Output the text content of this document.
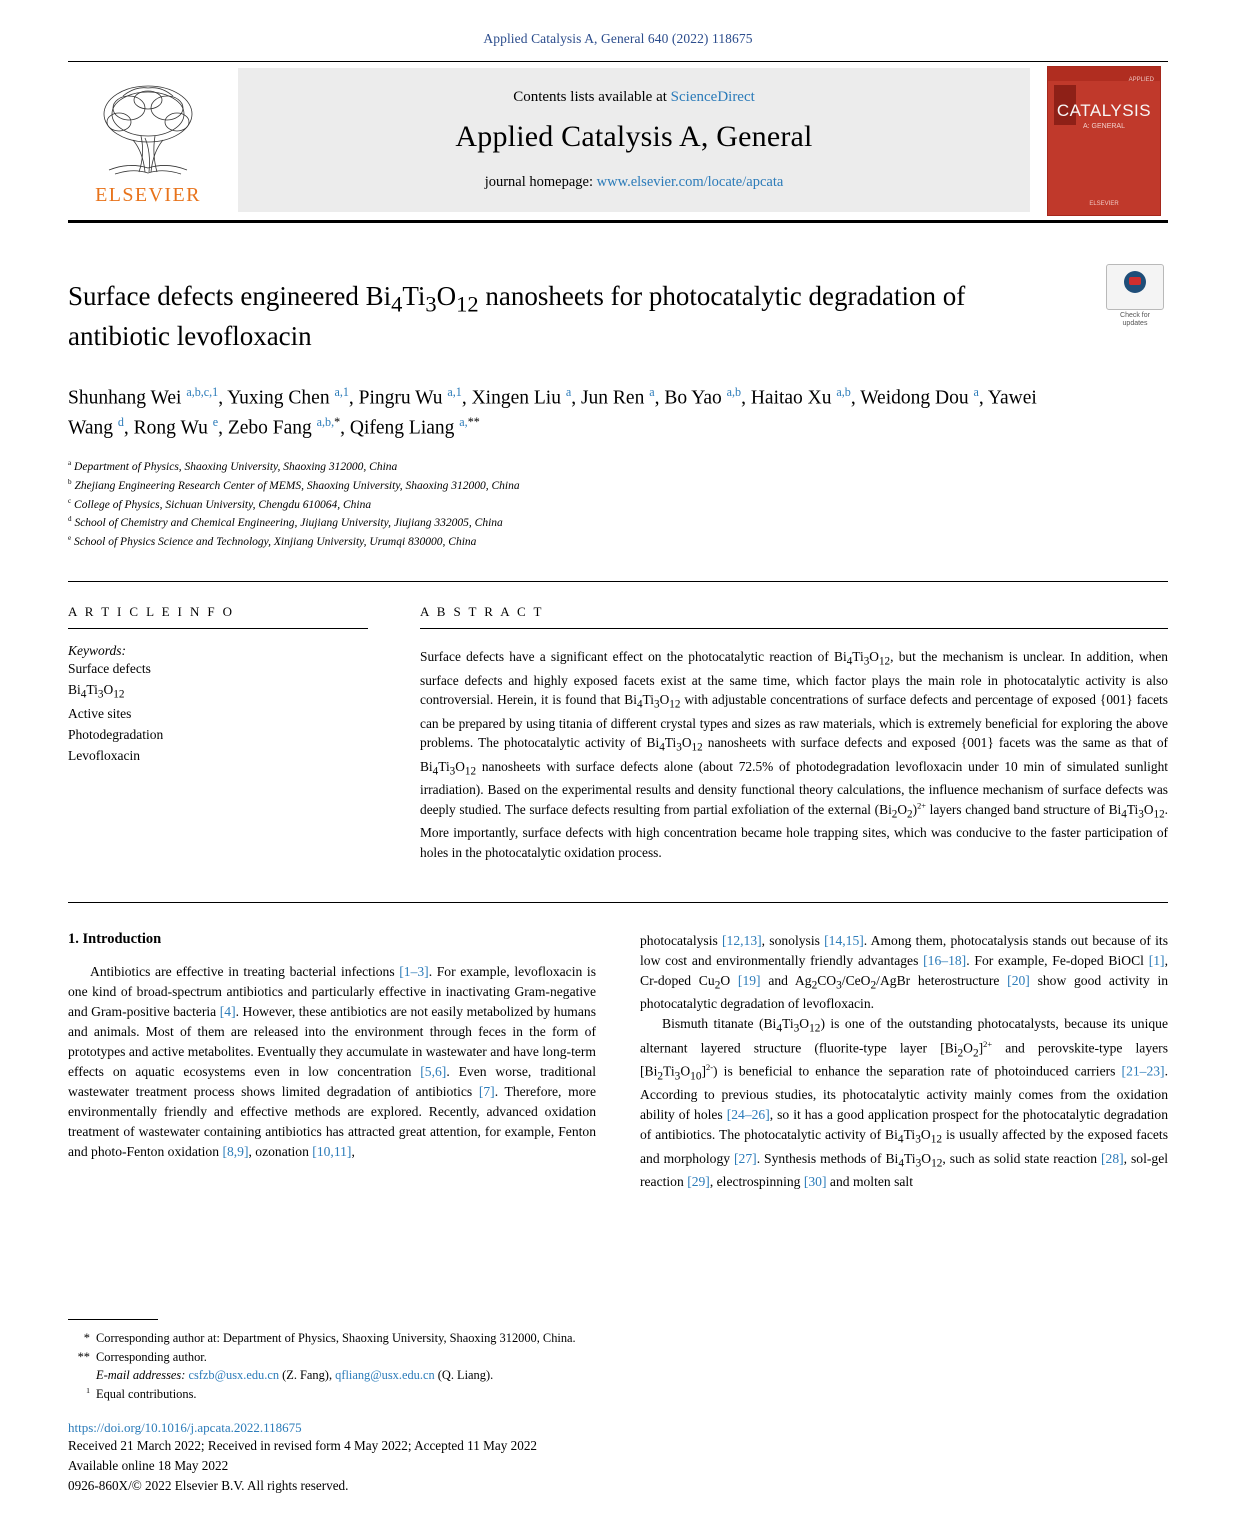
Applied Catalysis A, General 640 (2022) 118675
ELSEVIER
Contents lists available at ScienceDirect
Applied Catalysis A, General
journal homepage: www.elsevier.com/locate/apcata
APPLIED
CATALYSIS
A: GENERAL
ELSEVIER
Check for
updates
Surface defects engineered $Bi_4Ti_3O_{12}$ nanosheets for photocatalytic degradation of antibiotic levofloxacin
Shunhang Wei $^{a,b,c,1}$, Yuxing Chen $^{a,1}$, Pingru Wu $^{a,1}$, Xingen Liu $^a$, Jun Ren $^a$, Bo Yao $^{a,b}$, Haitao Xu $^{a,b}$, Weidong Dou $^a$, Yawei Wang $^d$, Rong Wu $^e$, Zebo Fang $^{a,b,*}$, Qifeng Liang $^{a,**}$
$^a$ Department of Physics, Shaoxing University, Shaoxing 312000, China
$^b$ Zhejiang Engineering Research Center of MEMS, Shaoxing University, Shaoxing 312000, China
$^c$ College of Physics, Sichuan University, Chengdu 610064, China
$^d$ School of Chemistry and Chemical Engineering, Jiujiang University, Jiujiang 332005, China
$^e$ School of Physics Science and Technology, Xinjiang University, Urumqi 830000, China
A R T I C L E I N F O
Keywords:
Surface defects
$Bi_4Ti_3O_{12}$
Active sites
Photodegradation
Levofloxacin
A B S T R A C T

Surface defects have a significant effect on the photocatalytic reaction of $Bi_4Ti_3O_{12}$, but the mechanism is unclear. In addition, when surface defects and highly exposed facets exist at the same time, which factor plays the main role in photocatalytic activity is also controversial. Herein, it is found that $Bi_4Ti_3O_{12}$ with adjustable concentrations of surface defects and percentage of exposed {001} facets can be prepared by using titania of different crystal types and sizes as raw materials, which is extremely beneficial for exploring the above problems. The photocatalytic activity of $Bi_4Ti_3O_{12}$ nanosheets with surface defects and exposed {001} facets was the same as that of $Bi_4Ti_3O_{12}$ nanosheets with surface defects alone (about 72.5% of photodegradation levofloxacin under 10 min of simulated sunlight irradiation). Based on the experimental results and density functional theory calculations, the influence mechanism of surface defects was deeply studied. The surface defects resulting from partial exfoliation of the external $(Bi_2O_2)^{2+}$ layers changed band structure of $Bi_4Ti_3O_{12}$. More importantly, surface defects with high concentration became hole trapping sites, which was conducive to the faster participation of holes in the photocatalytic oxidation process.

1. Introduction

Antibiotics are effective in treating bacterial infections [1–3]. For example, levofloxacin is one kind of broad-spectrum antibiotics and particularly effective in inactivating Gram-negative and Gram-positive bacteria [4]. However, these antibiotics are not easily metabolized by humans and animals. Most of them are released into the environment through feces in the form of prototypes and active metabolites. Eventually they accumulate in wastewater and have long-term effects on aquatic ecosystems even in low concentration [5,6]. Even worse, traditional wastewater treatment process shows limited degradation of antibiotics [7]. Therefore, more environmentally friendly and effective methods are explored. Recently, advanced oxidation treatment of wastewater containing antibiotics has attracted great attention, for example, Fenton and photo-Fenton oxidation [8,9], ozonation [10,11],

photocatalysis [12,13], sonolysis [14,15]. Among them, photocatalysis stands out because of its low cost and environmentally friendly advantages [16–18]. For example, Fe-doped BiOCl [1], Cr-doped $Cu_2O$ [19] and $Ag_2CO_3/CeO_2$/AgBr heterostructure [20] show good activity in photocatalytic degradation of levofloxacin.

Bismuth titanate $(Bi_4Ti_3O_{12})$ is one of the outstanding photocatalysts, because its unique alternant layered structure (fluorite-type layer $[Bi_2O_2]^{2+}$ and perovskite-type layers $[Bi_2Ti_3O_{10}]^{2-}$) is beneficial to enhance the separation rate of photoinduced carriers [21–23]. According to previous studies, its photocatalytic activity mainly comes from the oxidation ability of holes [24–26], so it has a good application prospect for the photocatalytic degradation of antibiotics. The photocatalytic activity of $Bi_4Ti_3O_{12}$ is usually affected by the exposed facets and morphology [27]. Synthesis methods of $Bi_4Ti_3O_{12}$, such as solid state reaction [28], sol-gel reaction [29], electrospinning [30] and molten salt

* Corresponding author at: Department of Physics, Shaoxing University, Shaoxing 312000, China.
** Corresponding author.
E-mail addresses: csfzb@usx.edu.cn (Z. Fang), qfliang@usx.edu.cn (Q. Liang).
$^1$ Equal contributions.
https://doi.org/10.1016/j.apcata.2022.118675
Received 21 March 2022; Received in revised form 4 May 2022; Accepted 11 May 2022
Available online 18 May 2022
0926-860X/© 2022 Elsevier B.V. All rights reserved.
